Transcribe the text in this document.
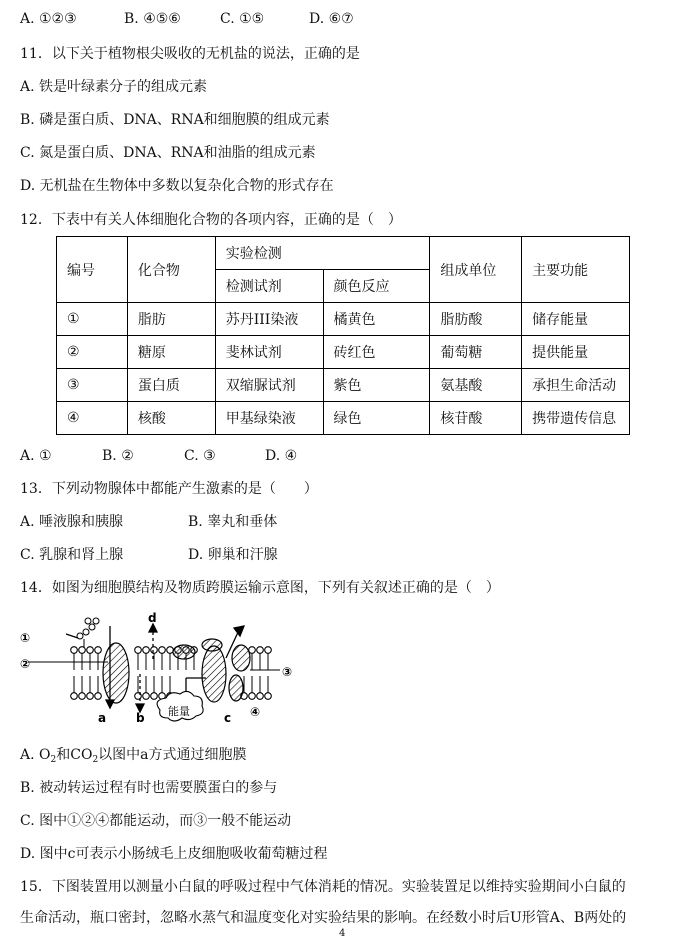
A. ①②③	B. ④⑤⑥	C. ①⑤	D. ⑥⑦
11．以下关于植物根尖吸收的无机盐的说法，正确的是
A. 铁是叶绿素分子的组成元素
B. 磷是蛋白质、DNA、RNA和细胞膜的组成元素
C. 氮是蛋白质、DNA、RNA和油脂的组成元素
D. 无机盐在生物体中多数以复杂化合物的形式存在
12．下表中有关人体细胞化合物的各项内容，正确的是（　）
编号	化合物	实验检测		组成单位	主要功能
		检测试剂	颜色反应		
①	脂肪	苏丹III染液	橘黄色	脂肪酸	储存能量
②	糖原	斐林试剂	砖红色	葡萄糖	提供能量
③	蛋白质	双缩脲试剂	紫色	氨基酸	承担生命活动
④	核酸	甲基绿染液	绿色	核苷酸	携带遗传信息
A. ①	B. ②	C. ③	D. ④
13．下列动物腺体中都能产生激素的是（　　）
A. 唾液腺和胰腺	B. 睾丸和垂体
C. 乳腺和肾上腺	D. 卵巢和汗腺
14．如图为细胞膜结构及物质跨膜运输示意图，下列有关叙述正确的是（　）
①
②
③
④
a b	c
d
能量
A. $O_2$和$CO_2$以图中a方式通过细胞膜
B. 被动转运过程有时也需要膜蛋白的参与
C. 图中①②④都能运动，而③一般不能运动
D. 图中c可表示小肠绒毛上皮细胞吸收葡萄糖过程
15．下图装置用以测量小白鼠的呼吸过程中气体消耗的情况。实验装置足以维持实验期间小白鼠的
生命活动，瓶口密封，忽略水蒸气和温度变化对实验结果的影响。在经数小时后U形管A、B两处的
4
